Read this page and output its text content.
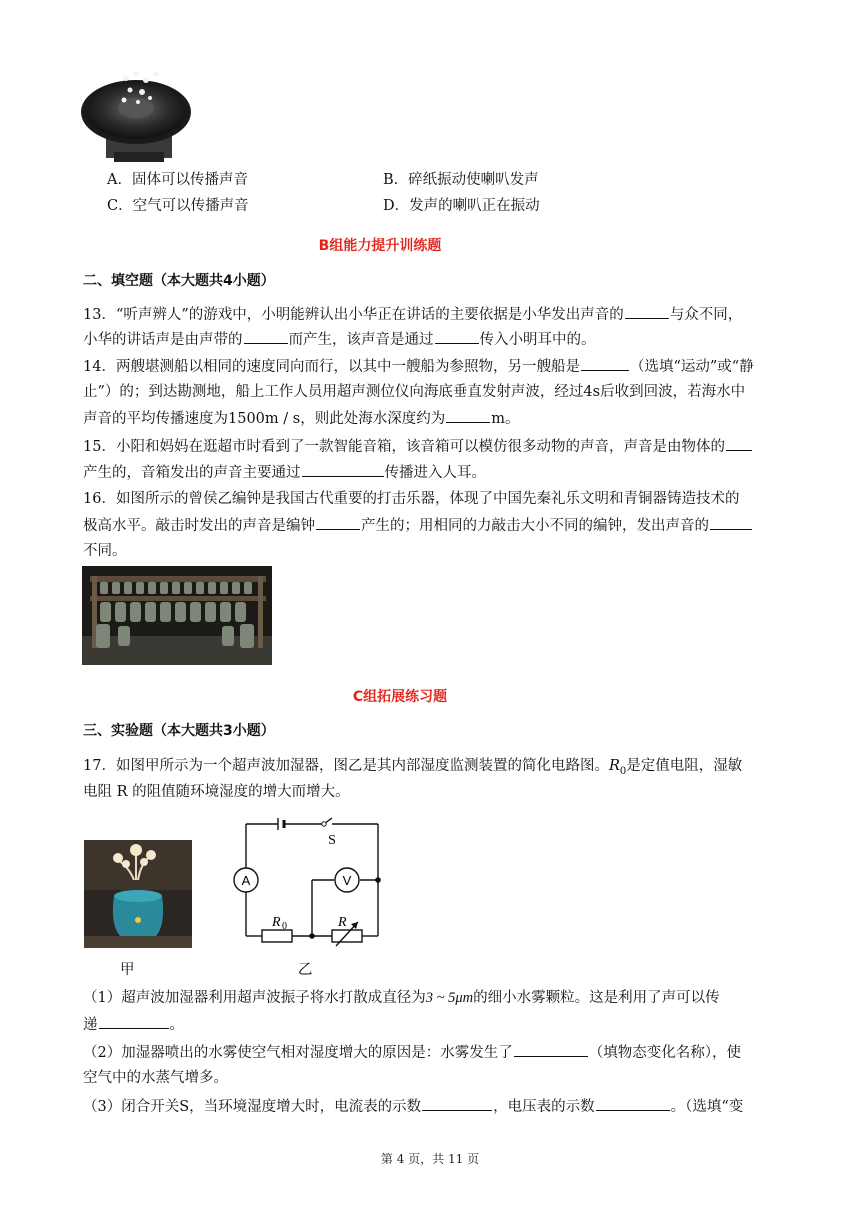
A．固体可以传播声音	B．碎纸振动使喇叭发声
C．空气可以传播声音	D．发声的喇叭正在振动
B组能力提升训练题
二、填空题（本大题共4小题）
13．“听声辨人”的游戏中，小明能辨认出小华正在讲话的主要依据是小华发出声音的	与众不同，
小华的讲话声是由声带的	而产生，该声音是通过	传入小明耳中的。
14．两艘堪测船以相同的速度同向而行，以其中一艘船为参照物，另一艘船是	（选填“运动”或“静
止”）的；到达勘测地，船上工作人员用超声测位仪向海底垂直发射声波，经过4s后收到回波，若海水中
声音的平均传播速度为1500m / s，则此处海水深度约为	m。
15．小阳和妈妈在逛超市时看到了一款智能音箱，该音箱可以模仿很多动物的声音，声音是由物体的
产生的，音箱发出的声音主要通过	传播进入人耳。
16．如图所示的曾侯乙编钟是我国古代重要的打击乐器，体现了中国先秦礼乐文明和青铜器铸造技术的
极高水平。敲击时发出的声音是编钟	产生的；用相同的力敲击大小不同的编钟，发出声音的
不同。
C组拓展练习题
三、实验题（本大题共3小题）
17．如图甲所示为一个超声波加湿器，图乙是其内部湿度监测装置的简化电路图。$R_0$是定值电阻，湿敏
电阻 R 的阻值随环境湿度的增大而增大。
A	V
S
R 0	R
甲	乙
（1）超声波加湿器利用超声波振子将水打散成直径为3 ~ 5μm的细小水雾颗粒。这是利用了声可以传
递	。
（2）加湿器喷出的水雾使空气相对湿度增大的原因是：水雾发生了	（填物态变化名称），使
空气中的水蒸气增多。
（3）闭合开关S，当环境湿度增大时，电流表的示数	，电压表的示数	。（选填“变
第 4 页，共 11 页
